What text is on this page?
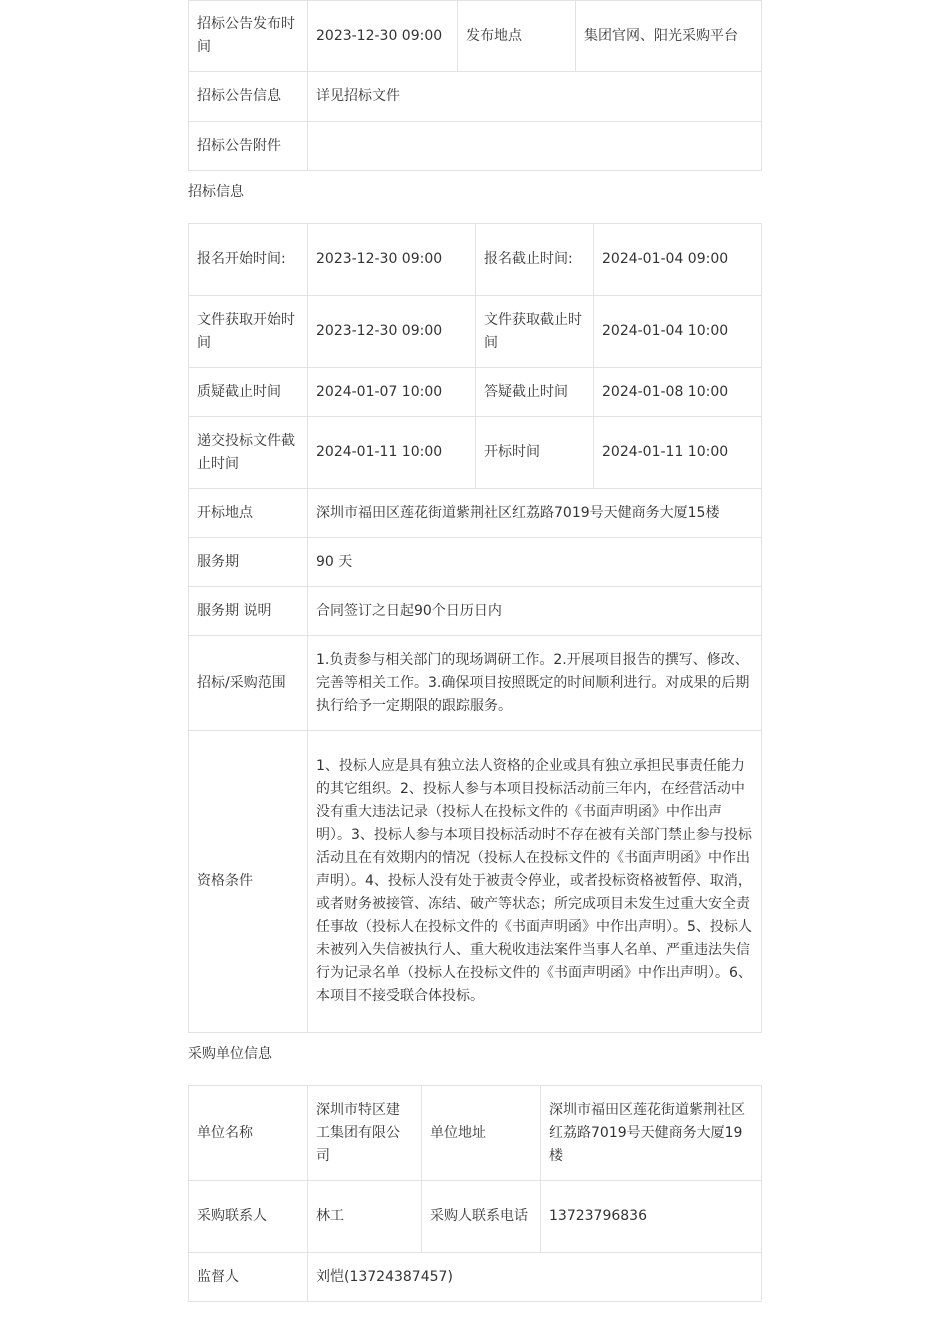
招标公告发布时间	2023-12-30 09:00	发布地点	集团官网、阳光采购平台
招标公告信息	详见招标文件		
招标公告附件			
招标信息
报名开始时间:	2023-12-30 09:00	报名截止时间:	2024-01-04 09:00
文件获取开始时间	2023-12-30 09:00	文件获取截止时间	2024-01-04 10:00
质疑截止时间	2024-01-07 10:00	答疑截止时间	2024-01-08 10:00
递交投标文件截止时间	2024-01-11 10:00	开标时间	2024-01-11 10:00
开标地点	深圳市福田区莲花街道紫荆社区红荔路7019号天健商务大厦15楼		
服务期	90 天		
服务期 说明	合同签订之日起90个日历日内		
招标/采购范围	1.负责参与相关部门的现场调研工作。2.开展项目报告的撰写、修改、完善等相关工作。3.确保项目按照既定的时间顺利进行。对成果的后期执行给予一定期限的跟踪服务。		
资格条件	1、投标人应是具有独立法人资格的企业或具有独立承担民事责任能力的其它组织。2、投标人参与本项目投标活动前三年内，在经营活动中没有重大违法记录（投标人在投标文件的《书面声明函》中作出声明）。3、投标人参与本项目投标活动时不存在被有关部门禁止参与投标活动且在有效期内的情况（投标人在投标文件的《书面声明函》中作出声明）。4、投标人没有处于被责令停业，或者投标资格被暂停、取消，或者财务被接管、冻结、破产等状态；所完成项目未发生过重大安全责任事故（投标人在投标文件的《书面声明函》中作出声明）。5、投标人未被列入失信被执行人、重大税收违法案件当事人名单、严重违法失信行为记录名单（投标人在投标文件的《书面声明函》中作出声明）。6、本项目不接受联合体投标。		
采购单位信息
单位名称	深圳市特区建工集团有限公司	单位地址	深圳市福田区莲花街道紫荆社区红荔路7019号天健商务大厦19楼
采购联系人	林工	采购人联系电话	13723796836
监督人	刘恺(13724387457)		
